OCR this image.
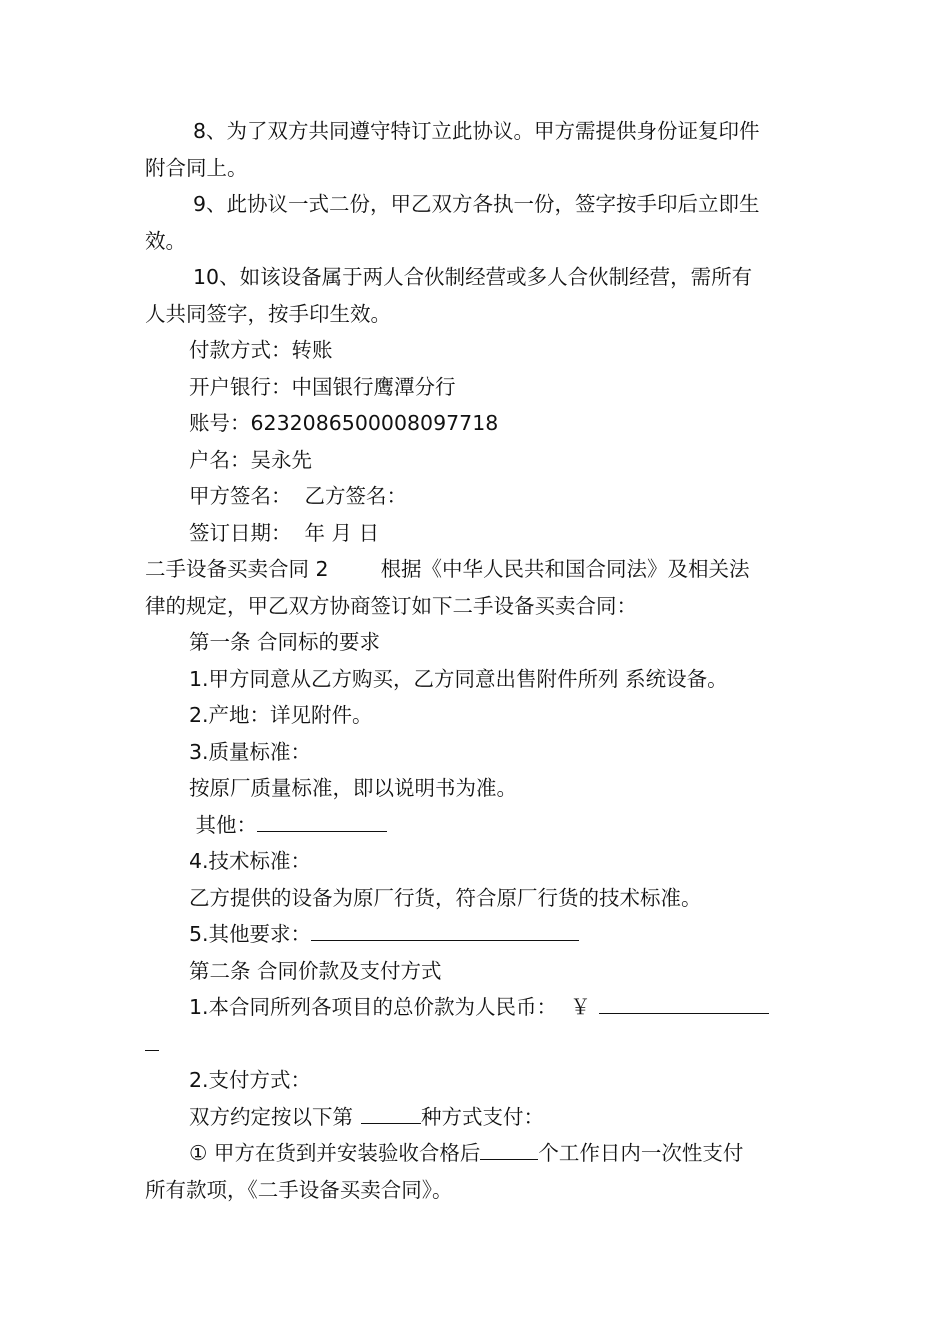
8、为了双方共同遵守特订立此协议。甲方需提供身份证复印件

附合同上。

9、此协议一式二份，甲乙双方各执一份，签字按手印后立即生

效。

10、如该设备属于两人合伙制经营或多人合伙制经营，需所有

人共同签字，按手印生效。

付款方式：转账

开户银行：中国银行鹰潭分行

账号：6232086500008097718

户名：吴永先

甲方签名：  乙方签名：

签订日期：  年 月 日

二手设备买卖合同 2	根据《中华人民共和国合同法》及相关法

律的规定，甲乙双方协商签订如下二手设备买卖合同：

第一条 合同标的要求

1.甲方同意从乙方购买，乙方同意出售附件所列 系统设备。

2.产地：详见附件。

3.质量标准：

按原厂质量标准，即以说明书为准。

其他：

4.技术标准：

乙方提供的设备为原厂行货，符合原厂行货的技术标准。

5.其他要求：

第二条 合同价款及支付方式

1.本合同所列各项目的总价款为人民币：  ￥

2.支付方式：

双方约定按以下第	种方式支付：

① 甲方在货到并安装验收合格后	个工作日内一次性支付

所有款项，《二手设备买卖合同》。
